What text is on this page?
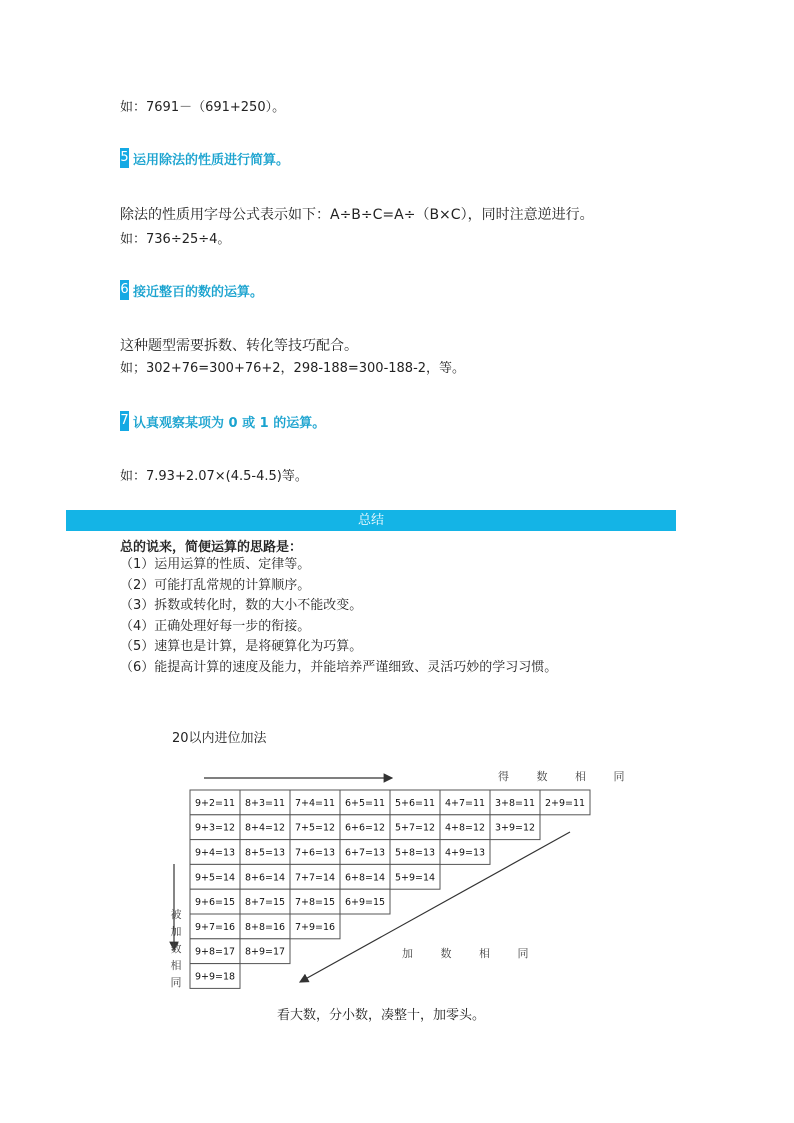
如：7691－（691+250）。

5 运用除法的性质进行简算。

除法的性质用字母公式表示如下：A÷B÷C=A÷（B×C），同时注意逆进行。

如：736÷25÷4。

6 接近整百的数的运算。

这种题型需要拆数、转化等技巧配合。

如；302+76=300+76+2，298-188=300-188-2，等。

7 认真观察某项为 0 或 1 的运算。

如：7.93+2.07×(4.5-4.5)等。

总结

总的说来，简便运算的思路是：

（1）运用运算的性质、定律等。
（2）可能打乱常规的计算顺序。
（3）拆数或转化时，数的大小不能改变。
（4）正确处理好每一步的衔接。
（5）速算也是计算，是将硬算化为巧算。
（6）能提高计算的速度及能力，并能培养严谨细致、灵活巧妙的学习习惯。

20以内进位加法

得 数 相 同
加 数 相 同
被
加
数
相
同
9+2=11 8+3=11 7+4=11 6+5=11 5+6=11 4+7=11 3+8=11 2+9=11
9+3=12 8+4=12 7+5=12 6+6=12 5+7=12 4+8=12 3+9=12
9+4=13 8+5=13 7+6=13 6+7=13 5+8=13 4+9=13
9+5=14 8+6=14 7+7=14 6+8=14 5+9=14
9+6=15 8+7=15 7+8=15 6+9=15
9+7=16 8+8=16 7+9=16
9+8=17 8+9=17
9+9=18

看大数，分小数，凑整十，加零头。
